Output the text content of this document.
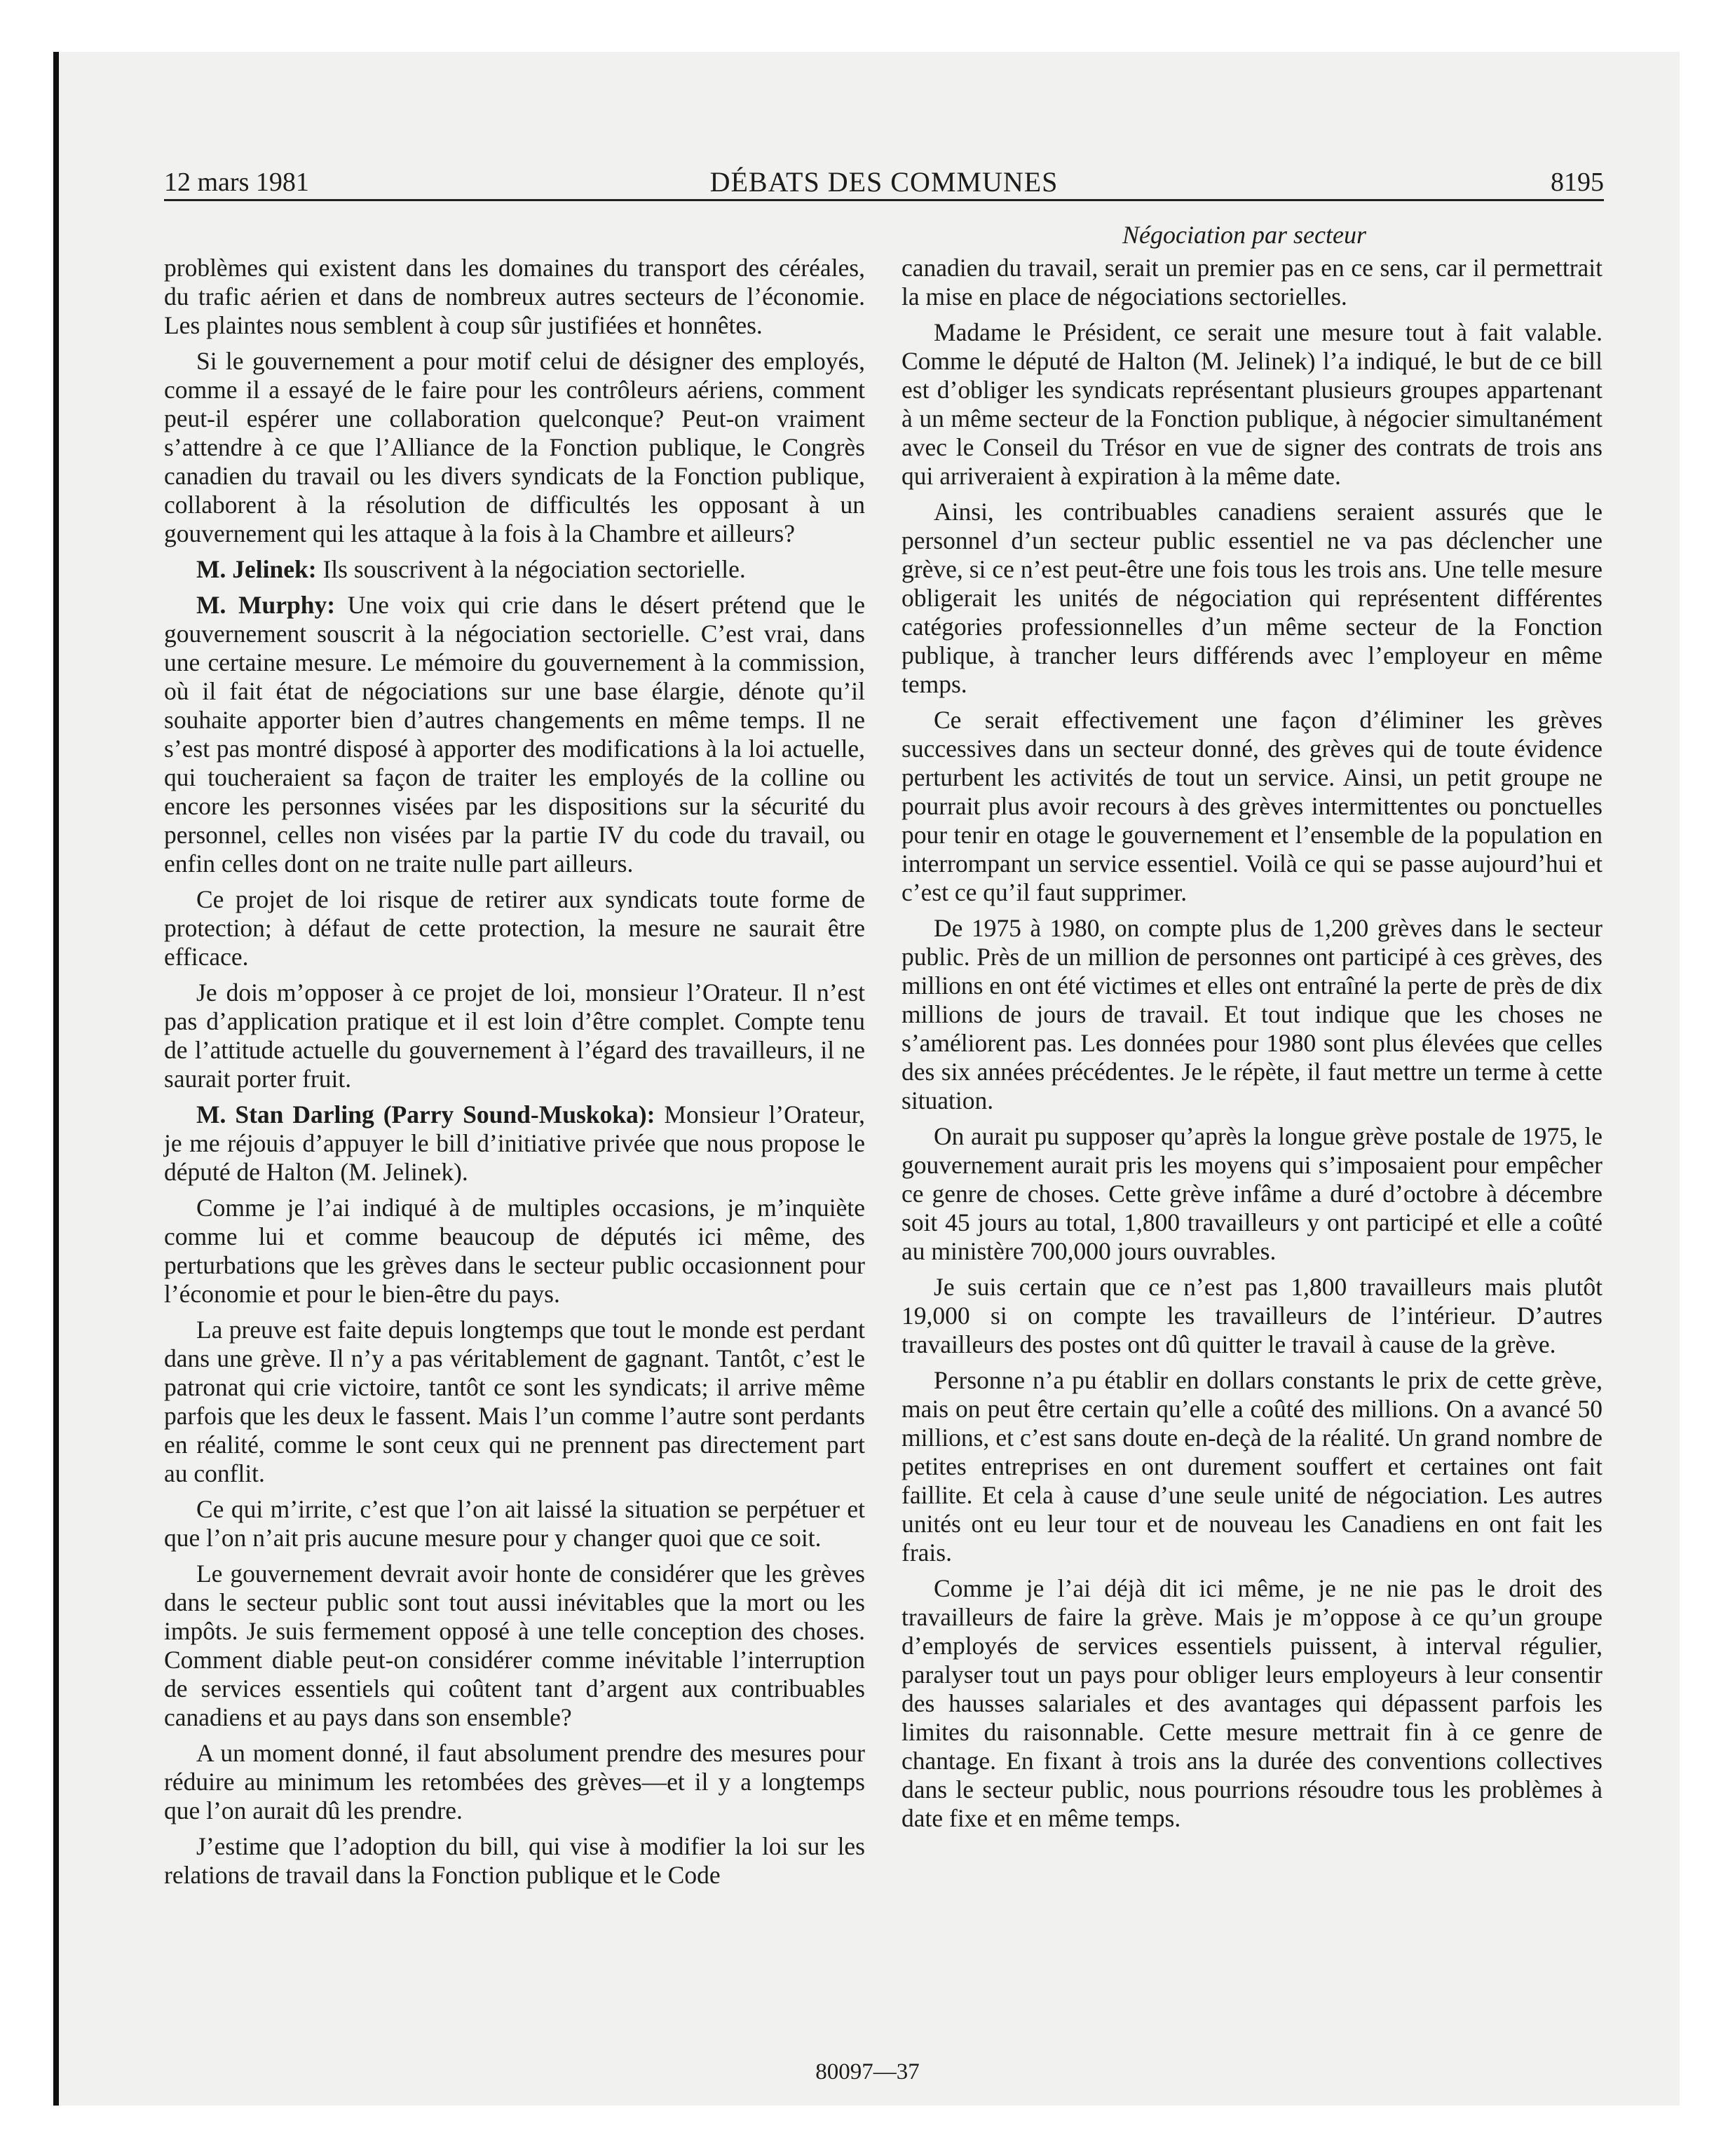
12 mars 1981	DÉBATS DES COMMUNES	8195
Négociation par secteur

problèmes qui existent dans les domaines du transport des céréales, du trafic aérien et dans de nombreux autres secteurs de l’économie. Les plaintes nous semblent à coup sûr justifiées et honnêtes.

Si le gouvernement a pour motif celui de désigner des employés, comme il a essayé de le faire pour les contrôleurs aériens, comment peut-il espérer une collaboration quelconque? Peut-on vraiment s’attendre à ce que l’Alliance de la Fonction publique, le Congrès canadien du travail ou les divers syndicats de la Fonction publique, collaborent à la résolution de difficultés les opposant à un gouvernement qui les attaque à la fois à la Chambre et ailleurs?

M. Jelinek: Ils souscrivent à la négociation sectorielle.

M. Murphy: Une voix qui crie dans le désert prétend que le gouvernement souscrit à la négociation sectorielle. C’est vrai, dans une certaine mesure. Le mémoire du gouvernement à la commission, où il fait état de négociations sur une base élargie, dénote qu’il souhaite apporter bien d’autres changements en même temps. Il ne s’est pas montré disposé à apporter des modifications à la loi actuelle, qui toucheraient sa façon de traiter les employés de la colline ou encore les personnes visées par les dispositions sur la sécurité du personnel, celles non visées par la partie IV du code du travail, ou enfin celles dont on ne traite nulle part ailleurs.

Ce projet de loi risque de retirer aux syndicats toute forme de protection; à défaut de cette protection, la mesure ne saurait être efficace.

Je dois m’opposer à ce projet de loi, monsieur l’Orateur. Il n’est pas d’application pratique et il est loin d’être complet. Compte tenu de l’attitude actuelle du gouvernement à l’égard des travailleurs, il ne saurait porter fruit.

M. Stan Darling (Parry Sound-Muskoka): Monsieur l’Orateur, je me réjouis d’appuyer le bill d’initiative privée que nous propose le député de Halton (M. Jelinek).

Comme je l’ai indiqué à de multiples occasions, je m’inquiète comme lui et comme beaucoup de députés ici même, des perturbations que les grèves dans le secteur public occasionnent pour l’économie et pour le bien-être du pays.

La preuve est faite depuis longtemps que tout le monde est perdant dans une grève. Il n’y a pas véritablement de gagnant. Tantôt, c’est le patronat qui crie victoire, tantôt ce sont les syndicats; il arrive même parfois que les deux le fassent. Mais l’un comme l’autre sont perdants en réalité, comme le sont ceux qui ne prennent pas directement part au conflit.

Ce qui m’irrite, c’est que l’on ait laissé la situation se perpétuer et que l’on n’ait pris aucune mesure pour y changer quoi que ce soit.

Le gouvernement devrait avoir honte de considérer que les grèves dans le secteur public sont tout aussi inévitables que la mort ou les impôts. Je suis fermement opposé à une telle conception des choses. Comment diable peut-on considérer comme inévitable l’interruption de services essentiels qui coûtent tant d’argent aux contribuables canadiens et au pays dans son ensemble?

A un moment donné, il faut absolument prendre des mesures pour réduire au minimum les retombées des grèves—et il y a longtemps que l’on aurait dû les prendre.

J’estime que l’adoption du bill, qui vise à modifier la loi sur les relations de travail dans la Fonction publique et le Code

canadien du travail, serait un premier pas en ce sens, car il permettrait la mise en place de négociations sectorielles.

Madame le Président, ce serait une mesure tout à fait valable. Comme le député de Halton (M. Jelinek) l’a indiqué, le but de ce bill est d’obliger les syndicats représentant plusieurs groupes appartenant à un même secteur de la Fonction publique, à négocier simultanément avec le Conseil du Trésor en vue de signer des contrats de trois ans qui arriveraient à expiration à la même date.

Ainsi, les contribuables canadiens seraient assurés que le personnel d’un secteur public essentiel ne va pas déclencher une grève, si ce n’est peut-être une fois tous les trois ans. Une telle mesure obligerait les unités de négociation qui représentent différentes catégories professionnelles d’un même secteur de la Fonction publique, à trancher leurs différends avec l’employeur en même temps.

Ce serait effectivement une façon d’éliminer les grèves successives dans un secteur donné, des grèves qui de toute évidence perturbent les activités de tout un service. Ainsi, un petit groupe ne pourrait plus avoir recours à des grèves intermittentes ou ponctuelles pour tenir en otage le gouvernement et l’ensemble de la population en interrompant un service essentiel. Voilà ce qui se passe aujourd’hui et c’est ce qu’il faut supprimer.

De 1975 à 1980, on compte plus de 1,200 grèves dans le secteur public. Près de un million de personnes ont participé à ces grèves, des millions en ont été victimes et elles ont entraîné la perte de près de dix millions de jours de travail. Et tout indique que les choses ne s’améliorent pas. Les données pour 1980 sont plus élevées que celles des six années précédentes. Je le répète, il faut mettre un terme à cette situation.

On aurait pu supposer qu’après la longue grève postale de 1975, le gouvernement aurait pris les moyens qui s’imposaient pour empêcher ce genre de choses. Cette grève infâme a duré d’octobre à décembre soit 45 jours au total, 1,800 travailleurs y ont participé et elle a coûté au ministère 700,000 jours ouvrables.

Je suis certain que ce n’est pas 1,800 travailleurs mais plutôt 19,000 si on compte les travailleurs de l’intérieur. D’autres travailleurs des postes ont dû quitter le travail à cause de la grève.

Personne n’a pu établir en dollars constants le prix de cette grève, mais on peut être certain qu’elle a coûté des millions. On a avancé 50 millions, et c’est sans doute en-deçà de la réalité. Un grand nombre de petites entreprises en ont durement souffert et certaines ont fait faillite. Et cela à cause d’une seule unité de négociation. Les autres unités ont eu leur tour et de nouveau les Canadiens en ont fait les frais.

Comme je l’ai déjà dit ici même, je ne nie pas le droit des travailleurs de faire la grève. Mais je m’oppose à ce qu’un groupe d’employés de services essentiels puissent, à interval régulier, paralyser tout un pays pour obliger leurs employeurs à leur consentir des hausses salariales et des avantages qui dépassent parfois les limites du raisonnable. Cette mesure mettrait fin à ce genre de chantage. En fixant à trois ans la durée des conventions collectives dans le secteur public, nous pourrions résoudre tous les problèmes à date fixe et en même temps.

80097—37
